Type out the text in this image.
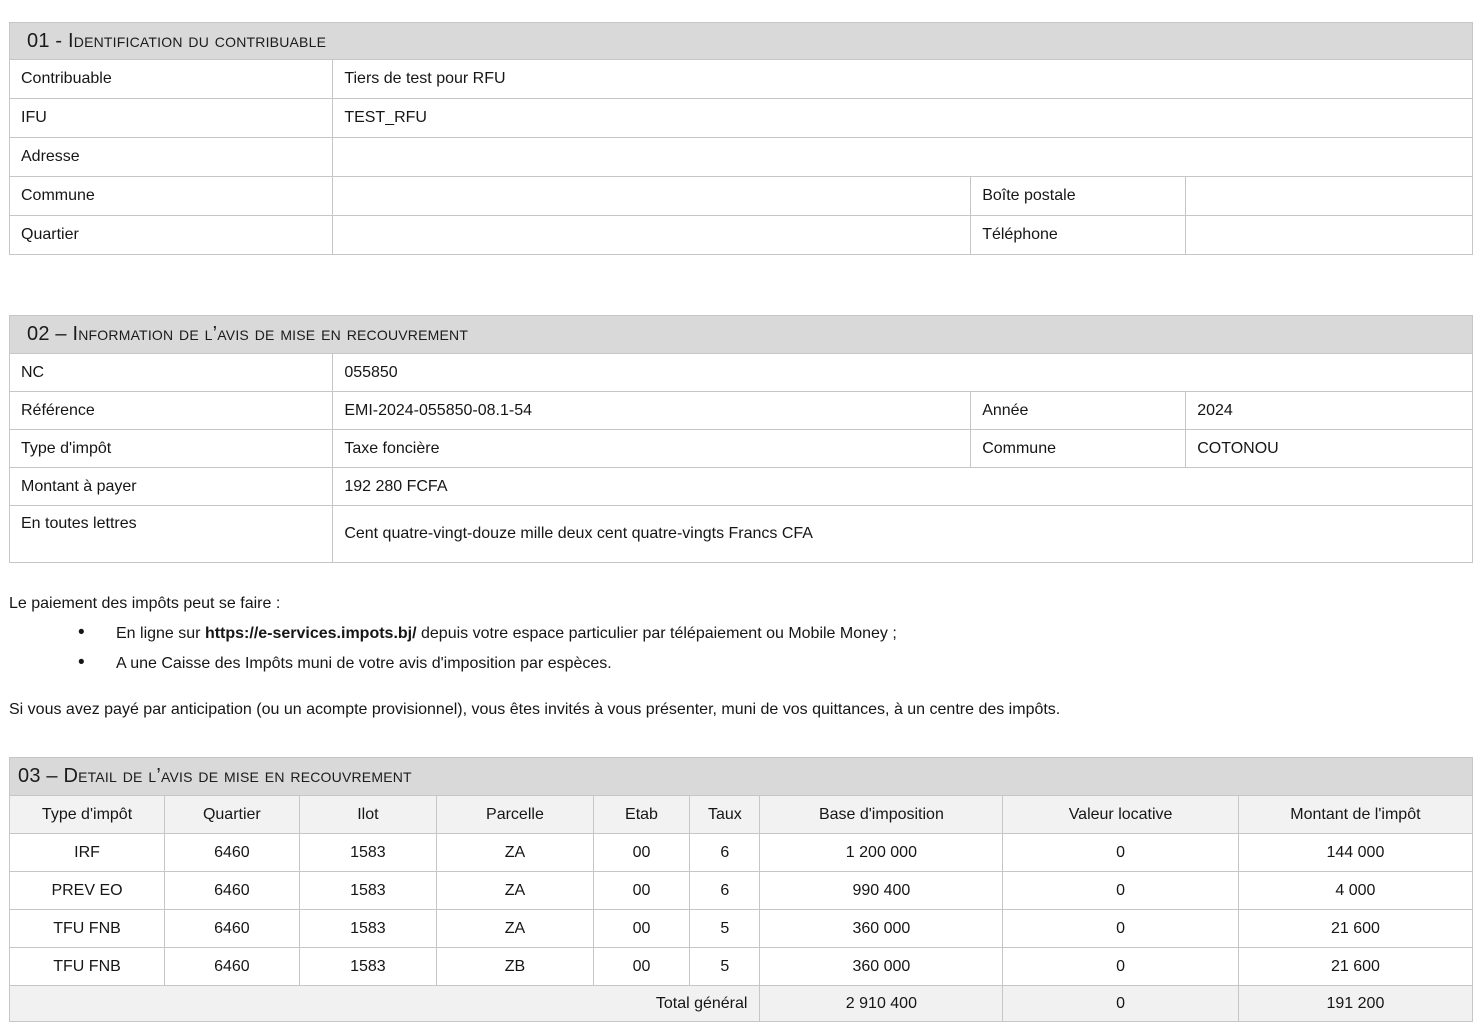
01 - Identification du contribuable			
Contribuable	Tiers de test pour RFU		
IFU	TEST_RFU		
Adresse			
Commune		Boîte postale	
Quartier		Téléphone	
02 – Information de l’avis de mise en recouvrement			
NC	055850		
Référence	EMI-2024-055850-08.1-54	Année	2024
Type d'impôt	Taxe foncière	Commune	COTONOU
Montant à payer	192 280 FCFA		
En toutes lettres	Cent quatre-vingt-douze mille deux cent quatre-vingts Francs CFA		
Le paiement des impôts peut se faire :
• En ligne sur https://e-services.impots.bj/ depuis votre espace particulier par télépaiement ou Mobile Money ;
• A une Caisse des Impôts muni de votre avis d'imposition par espèces.
Si vous avez payé par anticipation (ou un acompte provisionnel), vous êtes invités à vous présenter, muni de vos quittances, à un centre des impôts.
03 – Detail de l’avis de mise en recouvrement								
Type d'impôt	Quartier	Ilot	Parcelle	Etab	Taux	Base d'imposition	Valeur locative	Montant de l'impôt
IRF	6460	1583	ZA	00	6	1 200 000	0	144 000
PREV EO	6460	1583	ZA	00	6	990 400	0	4 000
TFU FNB	6460	1583	ZA	00	5	360 000	0	21 600
TFU FNB	6460	1583	ZB	00	5	360 000	0	21 600
Total général						2 910 400	0	191 200
